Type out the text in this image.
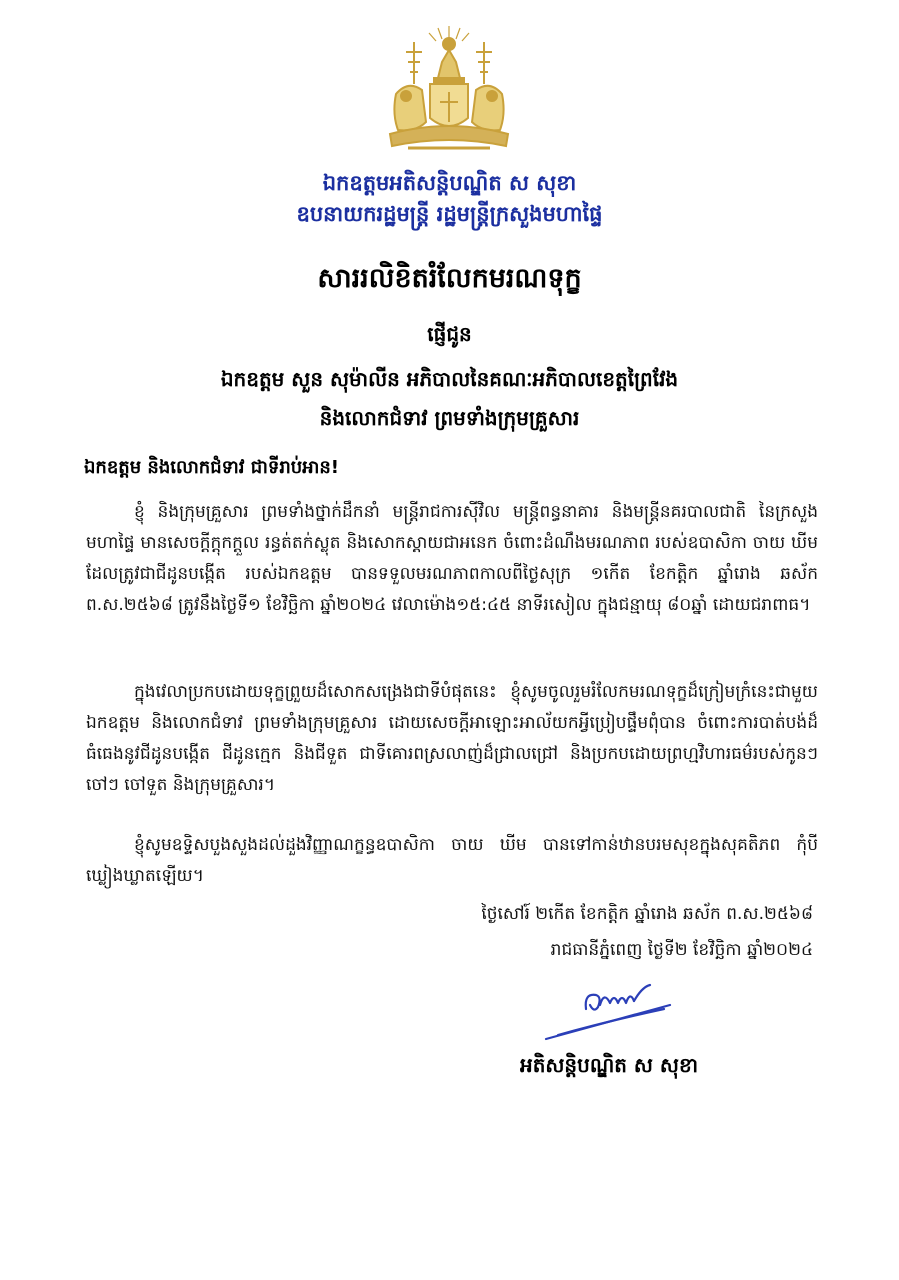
ឯកឧត្តមអតិសន្តិបណ្ឌិត ស សុខា
ឧបនាយករដ្ឋមន្ត្រី រដ្ឋមន្ត្រីក្រសួងមហាផ្ទៃ
សាររលិខិតរំលែកមរណទុក្ខ
ផ្ញើជូន
ឯកឧត្តម សួន សុម៉ាលីន អភិបាលនៃគណៈអភិបាលខេត្តព្រៃវែង
និងលោកជំទាវ ព្រមទាំងក្រុមគ្រួសារ
ឯកឧត្តម និងលោកជំទាវ ជាទីរាប់អាន!
ខ្ញុំ និងក្រុមគ្រួសារ ព្រមទាំងថ្នាក់ដឹកនាំ មន្ត្រីរាជការស៊ីវិល មន្ត្រីពន្ធនាគារ និងមន្ត្រីនគរបាលជាតិ នៃក្រសួងមហាផ្ទៃ មានសេចក្តីក្តុកក្តួល រន្ធត់តក់ស្លុត និងសោកស្តាយជាអនេក ចំពោះដំណឹងមរណភាព របស់ឧបាសិកា ចាយ ឃីម ដែលត្រូវជាជីដូនបង្កើត របស់ឯកឧត្តម បានទទួលមរណភាពកាលពីថ្ងៃសុក្រ ១កើត ខែកត្តិក ឆ្នាំរោង ឆស័ក ព.ស.២៥៦៨ ត្រូវនឹងថ្ងៃទី១ ខែវិច្ឆិកា ឆ្នាំ២០២៤ វេលាម៉ោង១៥:៤៥ នាទីរសៀល ក្នុងជន្មាយុ ៨០ឆ្នាំ ដោយជរាពាធ។
ក្នុងវេលាប្រកបដោយទុក្ខព្រួយដ៏សោកសង្រេងជាទីបំផុតនេះ ខ្ញុំសូមចូលរួមរំលែកមរណទុក្ខដ៏ក្រៀមក្រំនេះជាមួយឯកឧត្តម និងលោកជំទាវ ព្រមទាំងក្រុមគ្រួសារ ដោយសេចក្តីអាឡោះអាល័យកអ្វីប្រៀបផ្ទឹមពុំបាន ចំពោះការបាត់បង់ដ៏ធំធេងនូវជីដូនបង្កើត ជីដូនក្មេក និងជីទួត ជាទីគោរពស្រលាញ់ដ៏ជ្រាលជ្រៅ និងប្រកបដោយព្រហ្មវិហារធម៌របស់កូនៗ ចៅៗ ចៅទួត និងក្រុមគ្រួសារ។
ខ្ញុំសូមឧទ្ទិសបួងសួងដល់ដួងវិញ្ញាណក្ខន្ធឧបាសិកា ចាយ ឃីម បានទៅកាន់ឋានបរមសុខក្នុងសុគតិភព កុំបីឃ្លៀងឃ្លាតឡើយ។
ថ្ងៃសៅរ៍ ២កើត ខែកត្តិក ឆ្នាំរោង ឆស័ក ព.ស.២៥៦៨
រាជធានីភ្នំពេញ ថ្ងៃទី២ ខែវិច្ឆិកា ឆ្នាំ២០២៤
អតិសន្តិបណ្ឌិត ស សុខា
